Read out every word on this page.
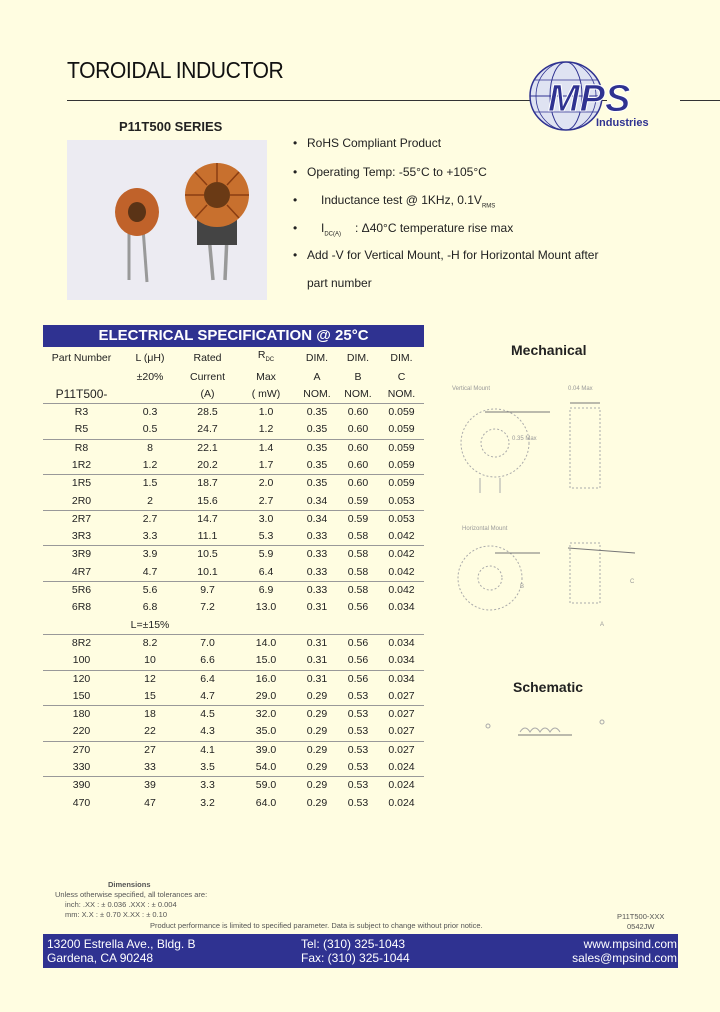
TOROIDAL INDUCTOR
MPS
Industries
P11T500 SERIES
• RoHS Compliant Product
• Operating Temp: -55°C to +105°C
• Inductance test @ 1KHz, $0.1V_{RMS}$
• $I_{DC(A)}$ : Δ40°C temperature rise max
• Add -V for Vertical Mount, -H for Horizontal Mount after
part number
ELECTRICAL SPECIFICATION @ 25°C
Part Number	L (μH)	Rated	$R_{DC}$	DIM.	DIM.	DIM.
	±20%	Current	Max	A	B	C
P11T500-		(A)	( mW)	NOM.	NOM.	NOM.
R3	0.3	28.5	1.0	0.35	0.60	0.059
R5	0.5	24.7	1.2	0.35	0.60	0.059
R8	8	22.1	1.4	0.35	0.60	0.059
1R2	1.2	20.2	1.7	0.35	0.60	0.059
1R5	1.5	18.7	2.0	0.35	0.60	0.059
2R0	2	15.6	2.7	0.34	0.59	0.053
2R7	2.7	14.7	3.0	0.34	0.59	0.053
3R3	3.3	11.1	5.3	0.33	0.58	0.042
3R9	3.9	10.5	5.9	0.33	0.58	0.042
4R7	4.7	10.1	6.4	0.33	0.58	0.042
5R6	5.6	9.7	6.9	0.33	0.58	0.042
6R8	6.8	7.2	13.0	0.31	0.56	0.034
	L=±15%					
8R2	8.2	7.0	14.0	0.31	0.56	0.034
100	10	6.6	15.0	0.31	0.56	0.034
120	12	6.4	16.0	0.31	0.56	0.034
150	15	4.7	29.0	0.29	0.53	0.027
180	18	4.5	32.0	0.29	0.53	0.027
220	22	4.3	35.0	0.29	0.53	0.027
270	27	4.1	39.0	0.29	0.53	0.027
330	33	3.5	54.0	0.29	0.53	0.024
390	39	3.3	59.0	0.29	0.53	0.024
470	47	3.2	64.0	0.29	0.53	0.024
Mechanical
Vertical Mount
0.35 Max
0.04 Max
Horizontal Mount
C
B
A
Schematic
Dimensions
Unless otherwise specified, all tolerances are:
inch: .XX : ± 0.036 .XXX : ± 0.004
mm: X.X : ± 0.70 X.XX : ± 0.10
Product performance is limited to specified parameter. Data is subject to change without prior notice.
P11T500-XXX
0542JW
13200 Estrella Ave., Bldg. B
Gardena, CA 90248
Tel: (310) 325-1043
Fax: (310) 325-1044
www.mpsind.com
sales@mpsind.com
